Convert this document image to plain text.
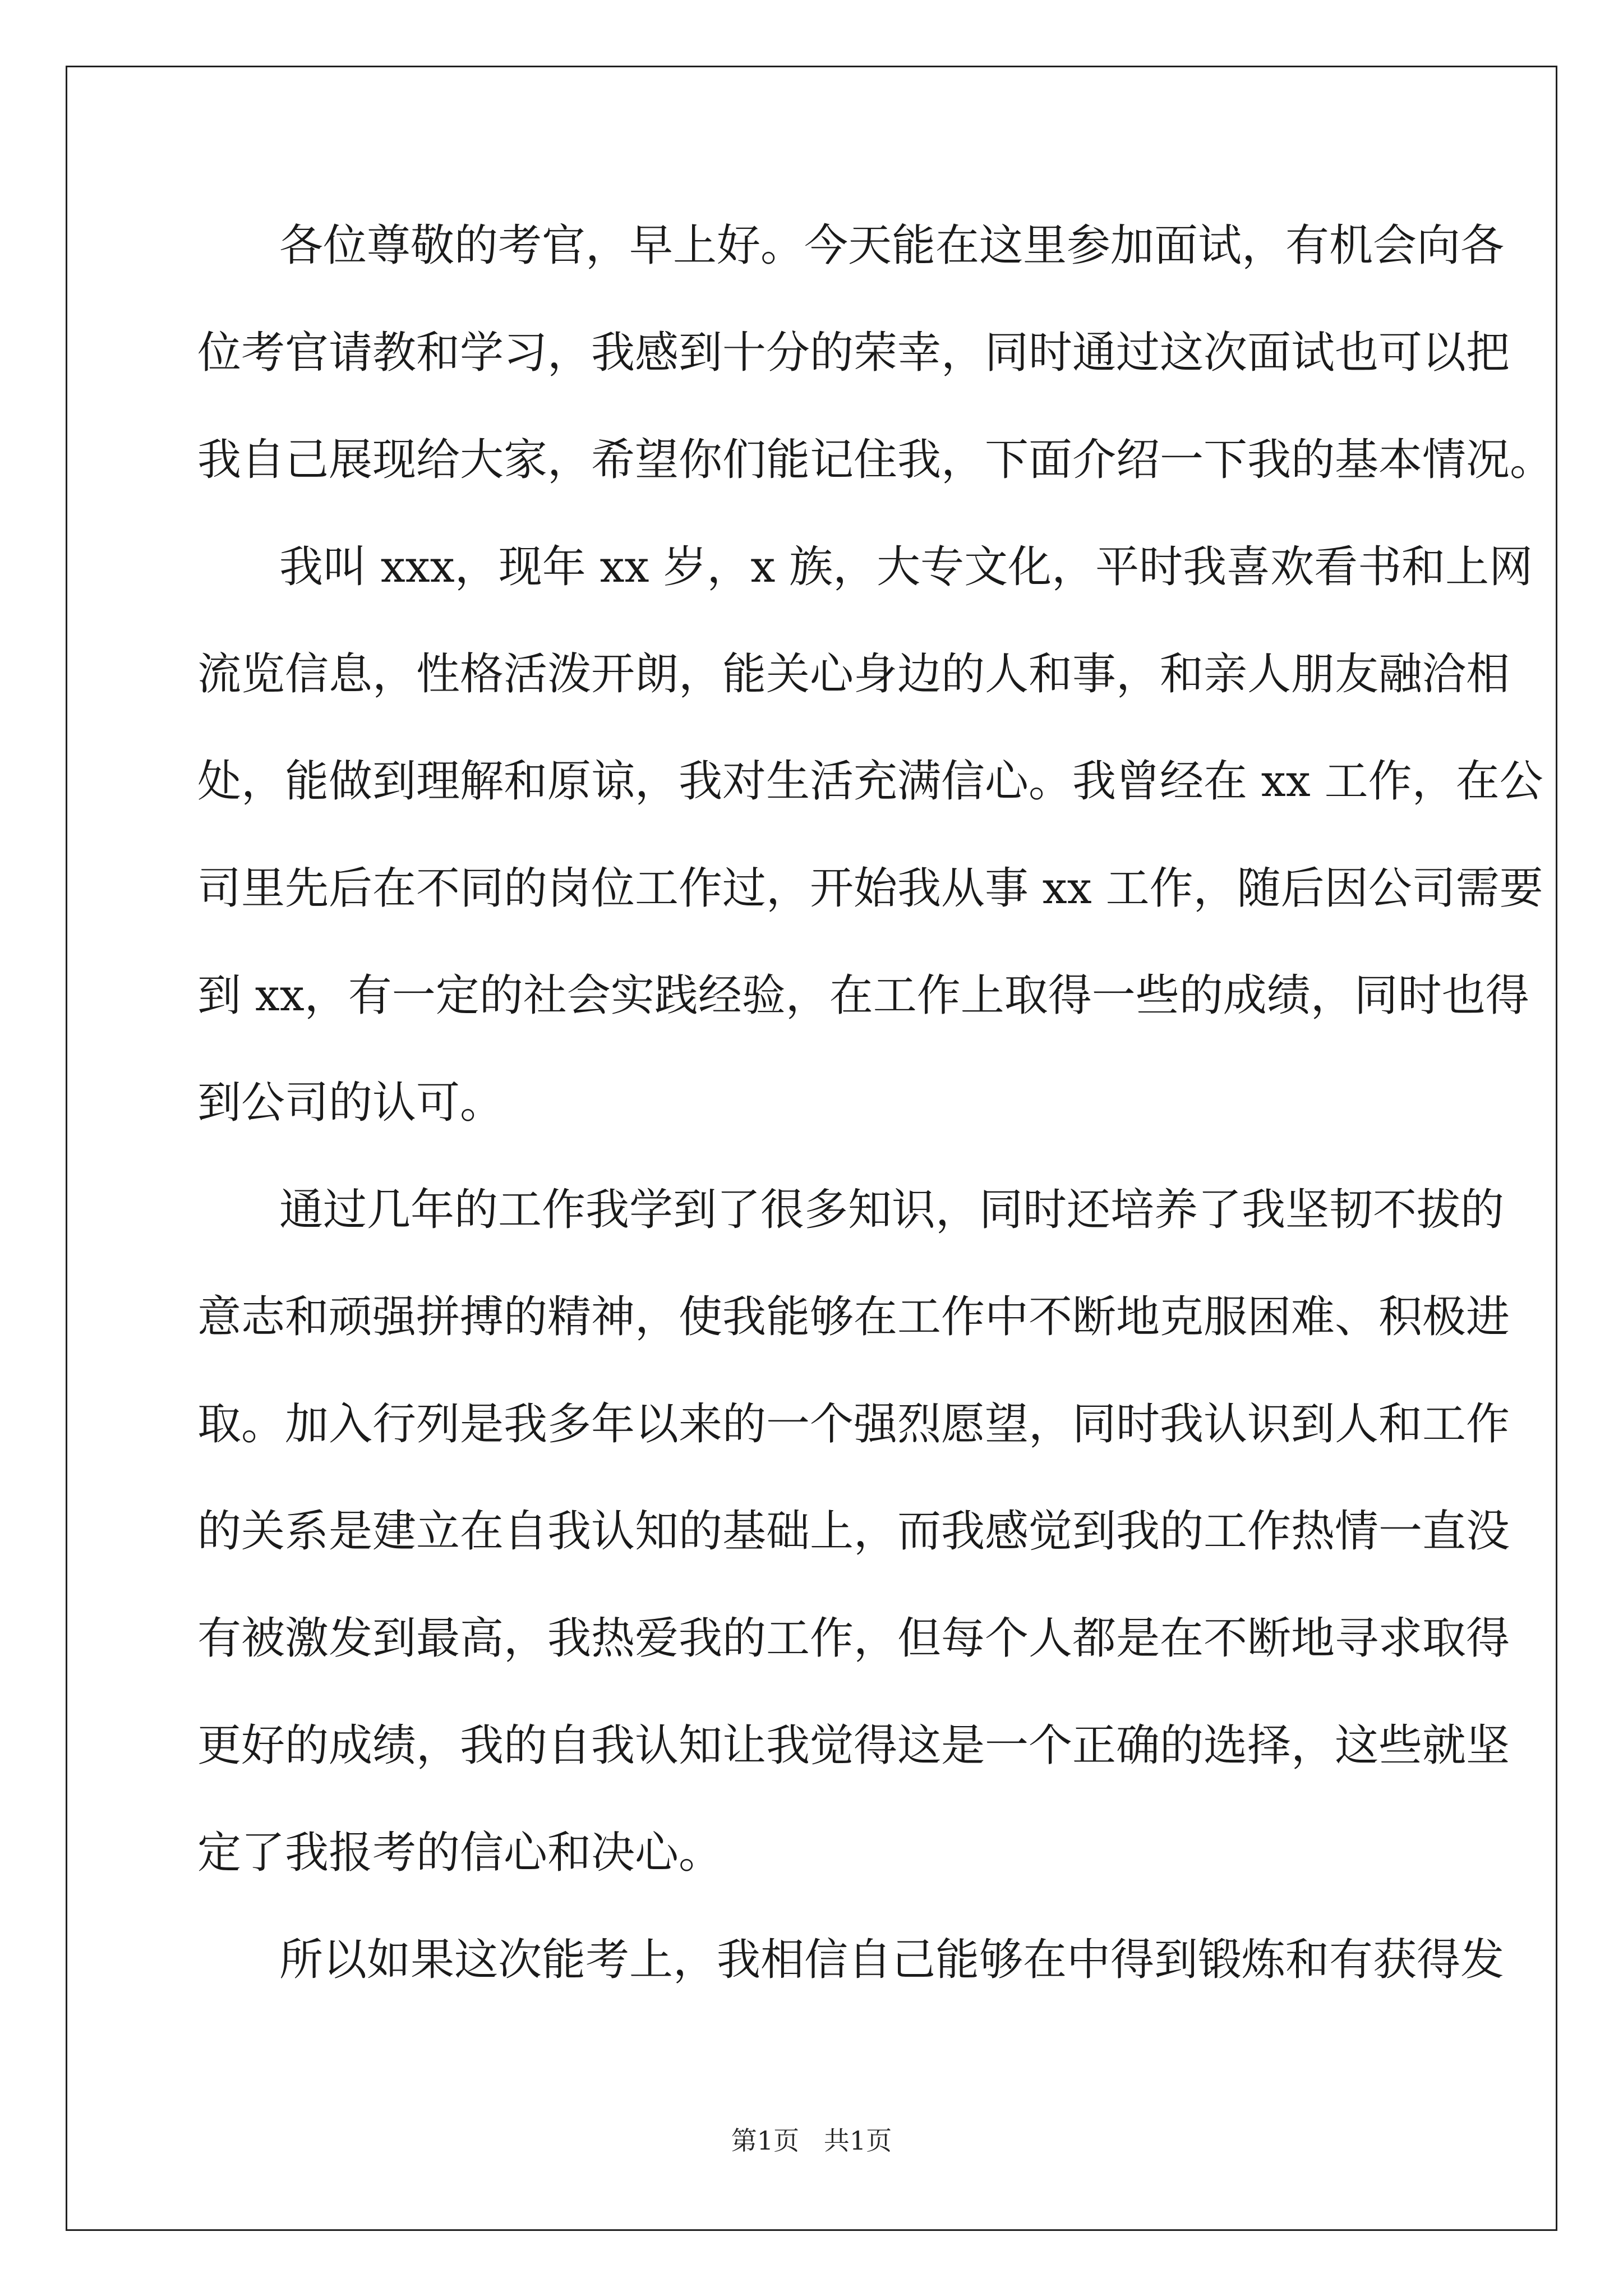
各位尊敬的考官，早上好。今天能在这里参加面试，有机会向各
位考官请教和学习，我感到十分的荣幸，同时通过这次面试也可以把
我自己展现给大家，希望你们能记住我，下面介绍一下我的基本情况。
我叫 xxx，现年 xx 岁，x 族，大专文化，平时我喜欢看书和上网
流览信息，性格活泼开朗，能关心身边的人和事，和亲人朋友融洽相
处，能做到理解和原谅，我对生活充满信心。我曾经在 xx 工作，在公
司里先后在不同的岗位工作过，开始我从事 xx 工作，随后因公司需要
到 xx，有一定的社会实践经验，在工作上取得一些的成绩，同时也得
到公司的认可。
通过几年的工作我学到了很多知识，同时还培养了我坚韧不拔的
意志和顽强拼搏的精神，使我能够在工作中不断地克服困难、积极进
取。加入行列是我多年以来的一个强烈愿望，同时我认识到人和工作
的关系是建立在自我认知的基础上，而我感觉到我的工作热情一直没
有被激发到最高，我热爱我的工作，但每个人都是在不断地寻求取得
更好的成绩，我的自我认知让我觉得这是一个正确的选择，这些就坚
定了我报考的信心和决心。
所以如果这次能考上，我相信自己能够在中得到锻炼和有获得发
第1页   共1页
